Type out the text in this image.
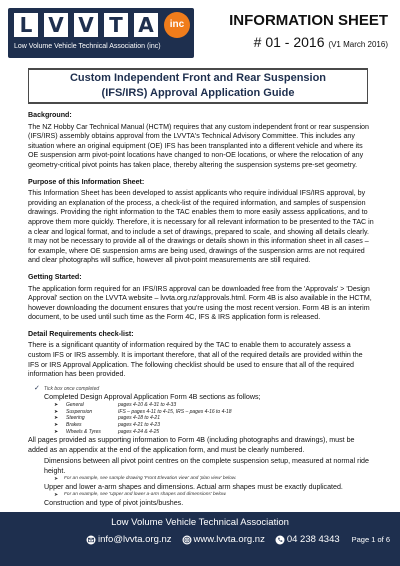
L V V T A	inc
Low Volume Vehicle Technical Association (inc)
INFORMATION SHEET
# 01 - 2016 (V1 March 2016)
Custom Independent Front and Rear Suspension
(IFS/IRS) Approval Application Guide
Background:
The NZ Hobby Car Technical Manual (HCTM) requires that any custom independent front or rear suspension (IFS/IRS) assembly obtains approval from the LVVTA's Technical Advisory Committee. This includes any situation where an original equipment (OE) IFS has been transplanted into a different vehicle and where its OE suspension arm pivot-point locations have changed to non-OE locations, or where the relocation of any geometry-critical pivot points has taken place, thereby altering the suspension systems pre-set geometry.
Purpose of this Information Sheet:
This Information Sheet has been developed to assist applicants who require individual IFS/IRS approval, by providing an explanation of the process, a check-list of the required information, and samples of suspension drawings. Providing the right information to the TAC enables them to more easily assess applications, and to approve them more quickly. Therefore, it is necessary for all relevant information to be presented to the TAC in a clear and logical format, and to include a set of drawings, prepared to scale, and showing all details clearly. It may not be necessary to provide all of the drawings or details shown in this information sheet in all cases – for example, where OE suspension arms are being used, drawings of the suspension arms are not required and clear photographs will suffice, however all pivot-point measurements are still required.
Getting Started:
The application form required for an IFS/IRS approval can be downloaded free from the 'Approvals' > 'Design Approval' section on the LVVTA website – lvvta.org.nz/approvals.html. Form 4B is also available in the HCTM, however downloading the document ensures that you're using the most recent version. Form 4B is an interim document, to be used until such time as the Form 4C, IFS & IRS application form is released.
Detail Requirements check-list:
There is a significant quantity of information required by the TAC to enable them to accurately assess a custom IFS or IRS assembly. It is important therefore, that all of the required details are provided within the IFS or IRS Approval Application. The following checklist should be used to ensure that all of the required information has been provided.
✓ Tick box once completed
Completed Design Approval Application Form 4B sections as follows;
➤	General	pages 4-10 & 4-31 to 4-33
➤	Suspension	IFS – pages 4-11 to 4-15, IRS – pages 4-16 to 4-18
➤	Steering	pages 4-18 to 4-21
➤	Brakes	pages 4-21 to 4-23
➤	Wheels & Tyres	pages 4-24 & 4-25
All pages provided as supporting information to Form 4B (including photographs and drawings), must be added as an appendix at the end of the application form, and must be clearly numbered.
Dimensions between all pivot point centres on the complete suspension setup, measured at normal ride height.
➤	For an example, see sample drawing 'Front Elevation view' and 'plan view' below.
Upper and lower a-arm shapes and dimensions. Actual arm shapes must be exactly duplicated.
➤	For an example, see 'Upper and lower a-arm shapes and dimensions' below.
Construction and type of pivot joints/bushes.
Low Volume Vehicle Technical Association
info@lvvta.org.nz www.lvvta.org.nz 04 238 4343 Page 1 of 6
